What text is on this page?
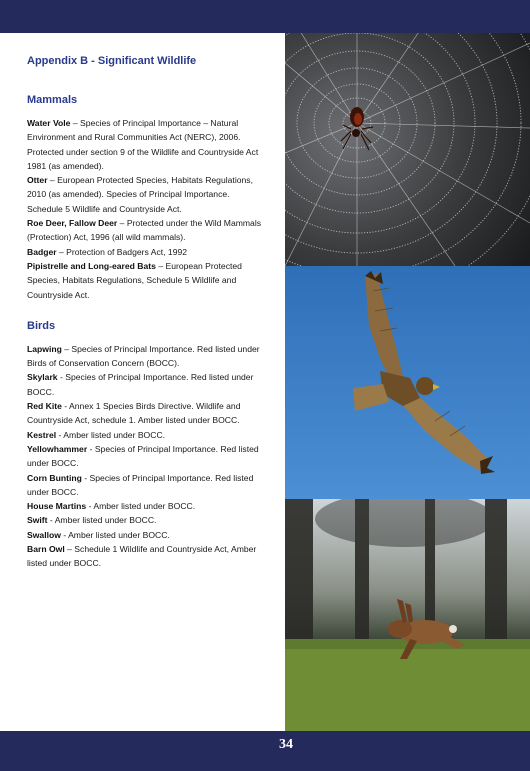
Appendix B - Significant Wildlife

Mammals

Water Vole – Species of Principal Importance – Natural Environment and Rural Communities Act (NERC), 2006. Protected under section 9 of the Wildlife and Countryside Act 1981 (as amended).

Otter – European Protected Species, Habitats Regulations, 2010 (as amended). Species of Principal Importance. Schedule 5 Wildlife and Countryside Act.

Roe Deer, Fallow Deer – Protected under the Wild Mammals (Protection) Act, 1996 (all wild mammals).

Badger – Protection of Badgers Act, 1992

Pipistrelle and Long-eared Bats – European Protected Species, Habitats Regulations, Schedule 5 Wildlife and Countryside Act.

Birds

Lapwing – Species of Principal Importance. Red listed under Birds of Conservation Concern (BOCC).

Skylark - Species of Principal Importance. Red listed under BOCC.

Red Kite - Annex 1 Species Birds Directive. Wildlife and Countryside Act, schedule 1. Amber listed under BOCC.

Kestrel - Amber listed under BOCC.

Yellowhammer - Species of Principal Importance. Red listed under BOCC.

Corn Bunting - Species of Principal Importance. Red listed under BOCC.

House Martins - Amber listed under BOCC.

Swift - Amber listed under BOCC.

Swallow - Amber listed under BOCC.

Barn Owl – Schedule 1 Wildlife and Countryside Act, Amber listed under BOCC.

34
